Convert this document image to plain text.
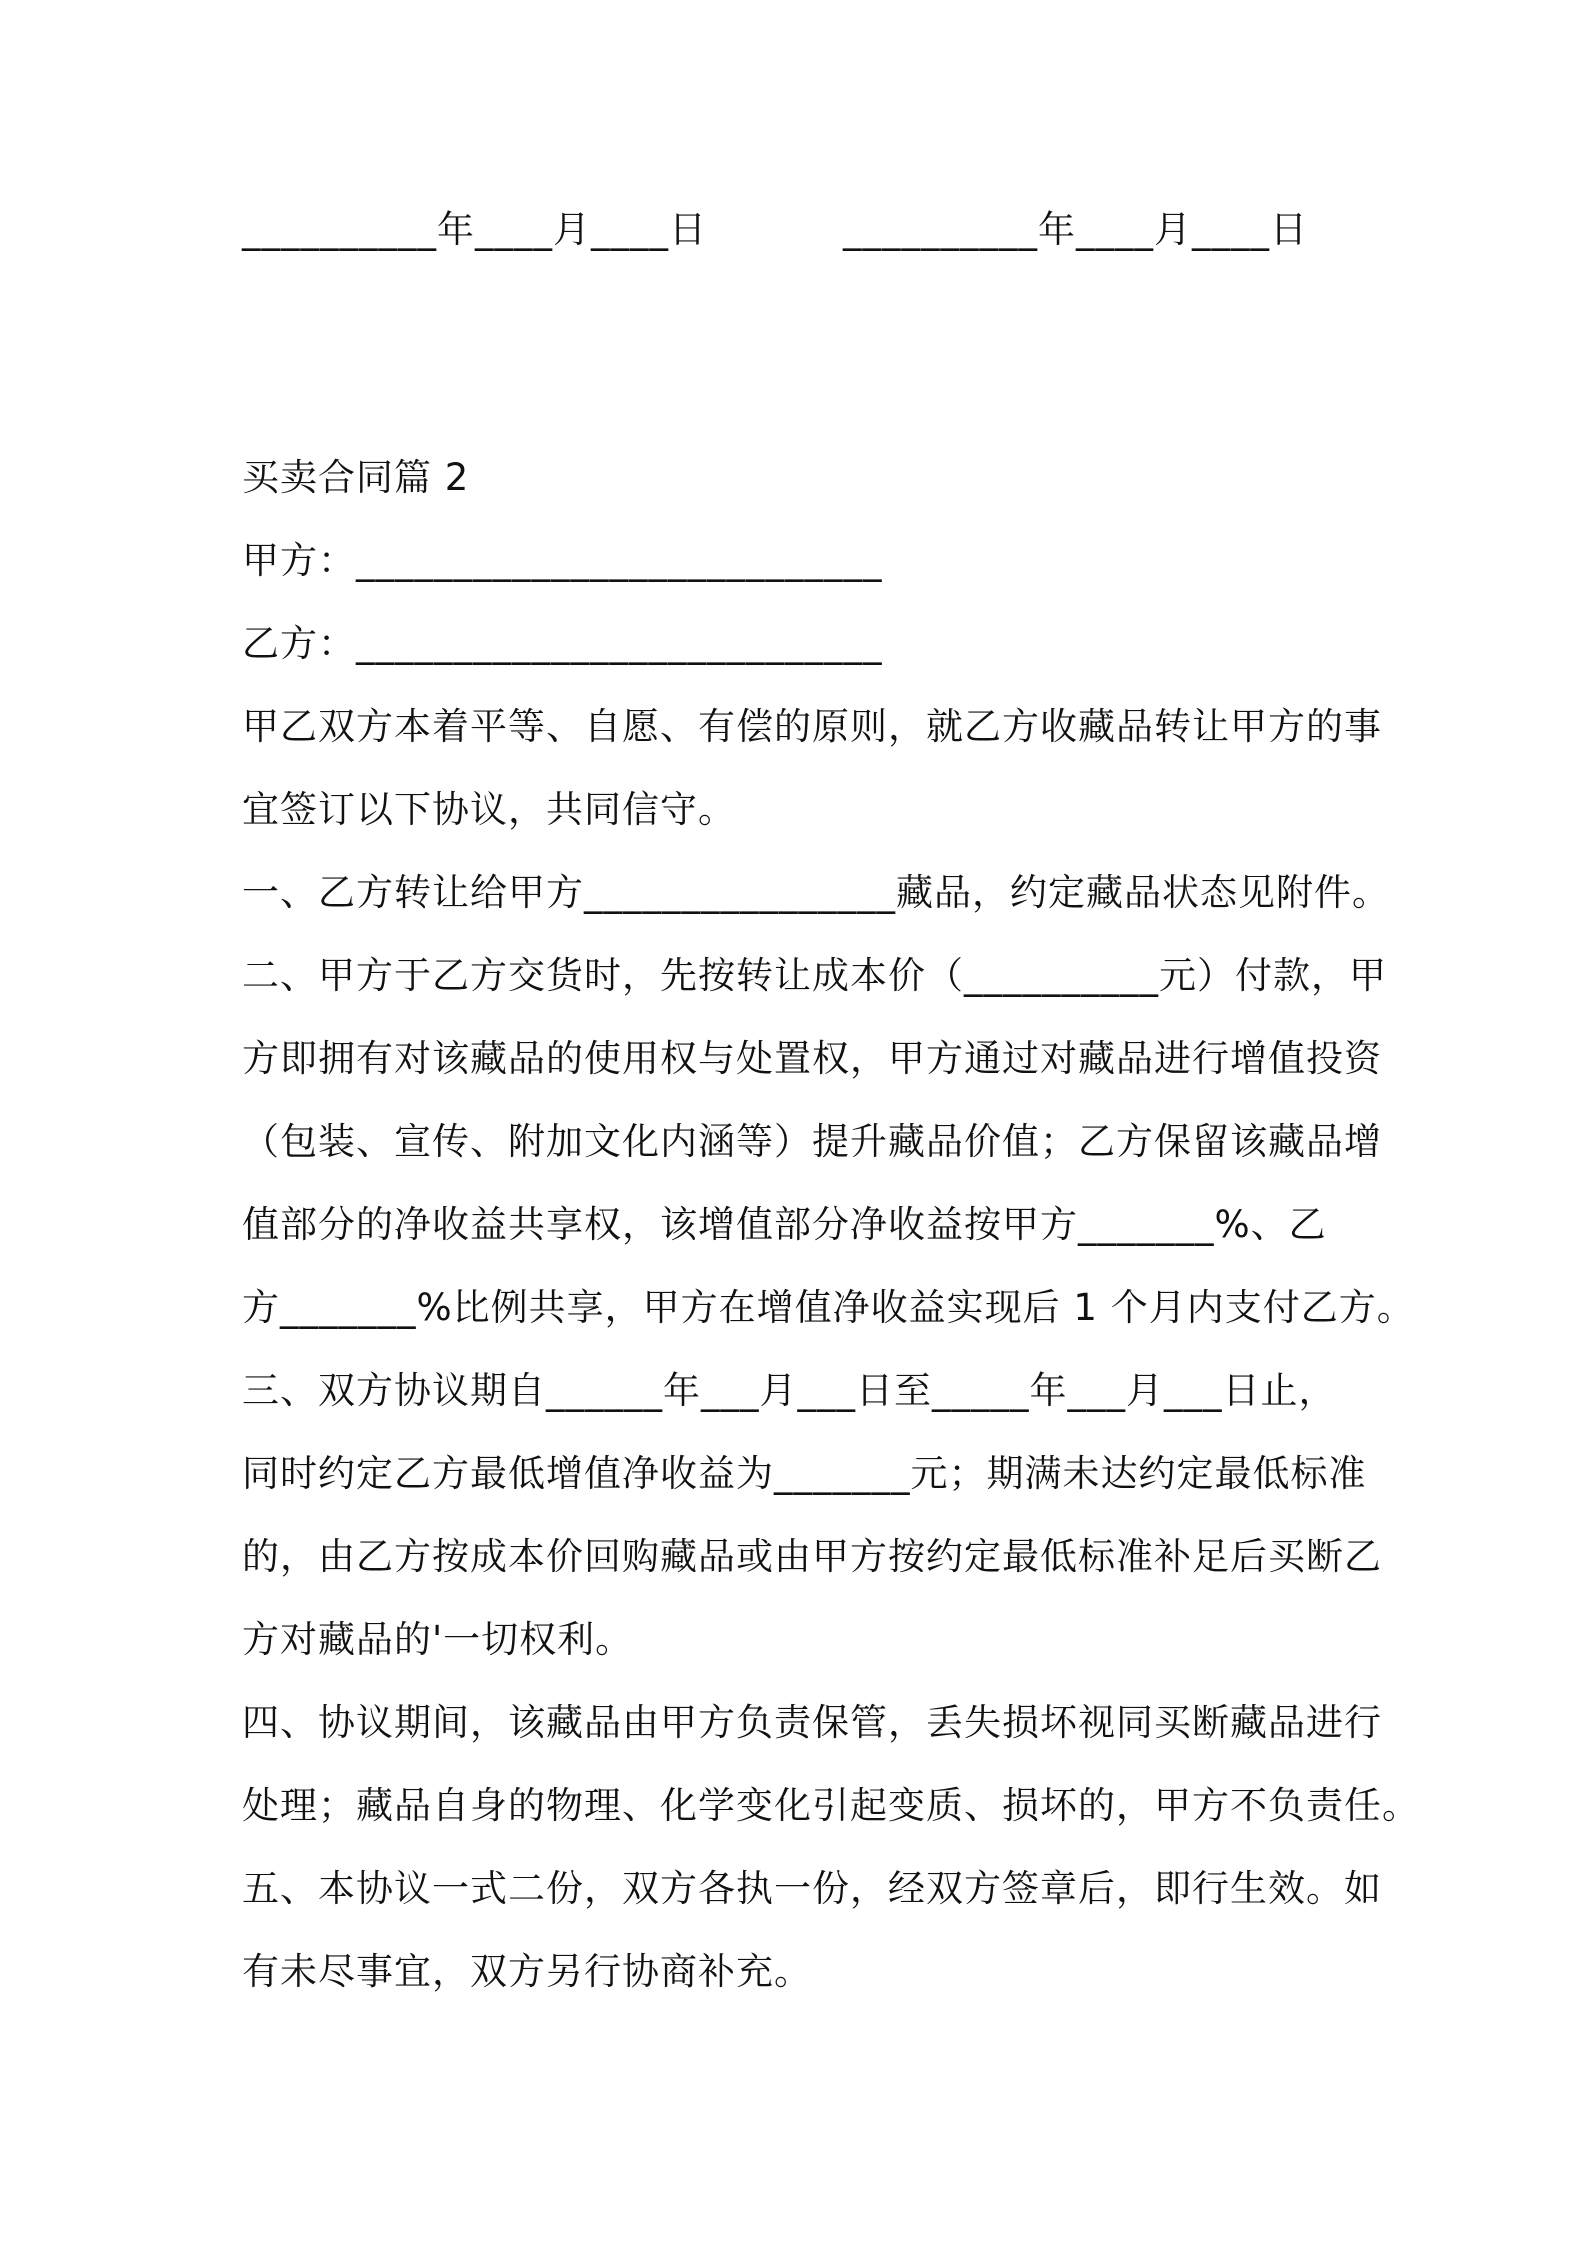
__________年____月____日	__________年____月____日
买卖合同篇 2
甲方：___________________________
乙方：___________________________
甲乙双方本着平等、自愿、有偿的原则，就乙方收藏品转让甲方的事
宜签订以下协议，共同信守。
一、乙方转让给甲方________________藏品，约定藏品状态见附件。
二、甲方于乙方交货时，先按转让成本价（__________元）付款，甲
方即拥有对该藏品的使用权与处置权，甲方通过对藏品进行增值投资
（包装、宣传、附加文化内涵等）提升藏品价值；乙方保留该藏品增
值部分的净收益共享权，该增值部分净收益按甲方_______%、乙
方_______%比例共享，甲方在增值净收益实现后 1 个月内支付乙方。
三、双方协议期自______年___月___日至_____年___月___日止，
同时约定乙方最低增值净收益为_______元；期满未达约定最低标准
的，由乙方按成本价回购藏品或由甲方按约定最低标准补足后买断乙
方对藏品的'一切权利。
四、协议期间，该藏品由甲方负责保管，丢失损坏视同买断藏品进行
处理；藏品自身的物理、化学变化引起变质、损坏的，甲方不负责任。
五、本协议一式二份，双方各执一份，经双方签章后，即行生效。如
有未尽事宜，双方另行协商补充。
